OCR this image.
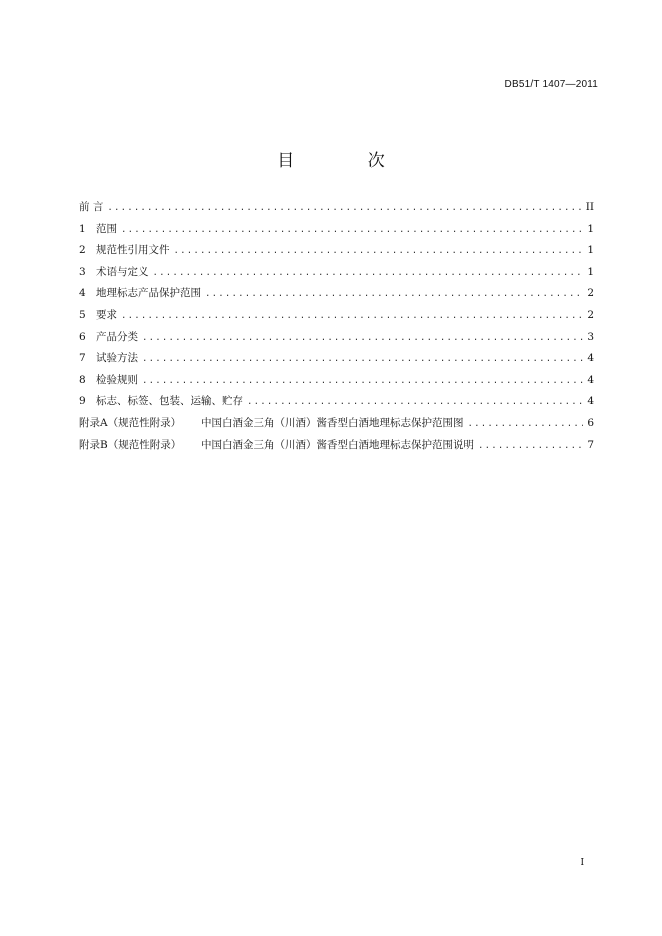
DB51/T 1407—2011
目 次
前 言 .....	II
1 范围 .....	1
2 规范性引用文件 .....	1
3 术语与定义 .....	1
4 地理标志产品保护范围 .....	2
5 要求 .....	2
6 产品分类 .....	3
7 试验方法 .....	4
8 检验规则 .....	4
9 标志、标签、包装、运输、贮存 .....	4
附录A（规范性附录）	中国白酒金三角（川酒）酱香型白酒地理标志保护范围图 .....	6
附录B（规范性附录）	中国白酒金三角（川酒）酱香型白酒地理标志保护范围说明 .....	7
I
